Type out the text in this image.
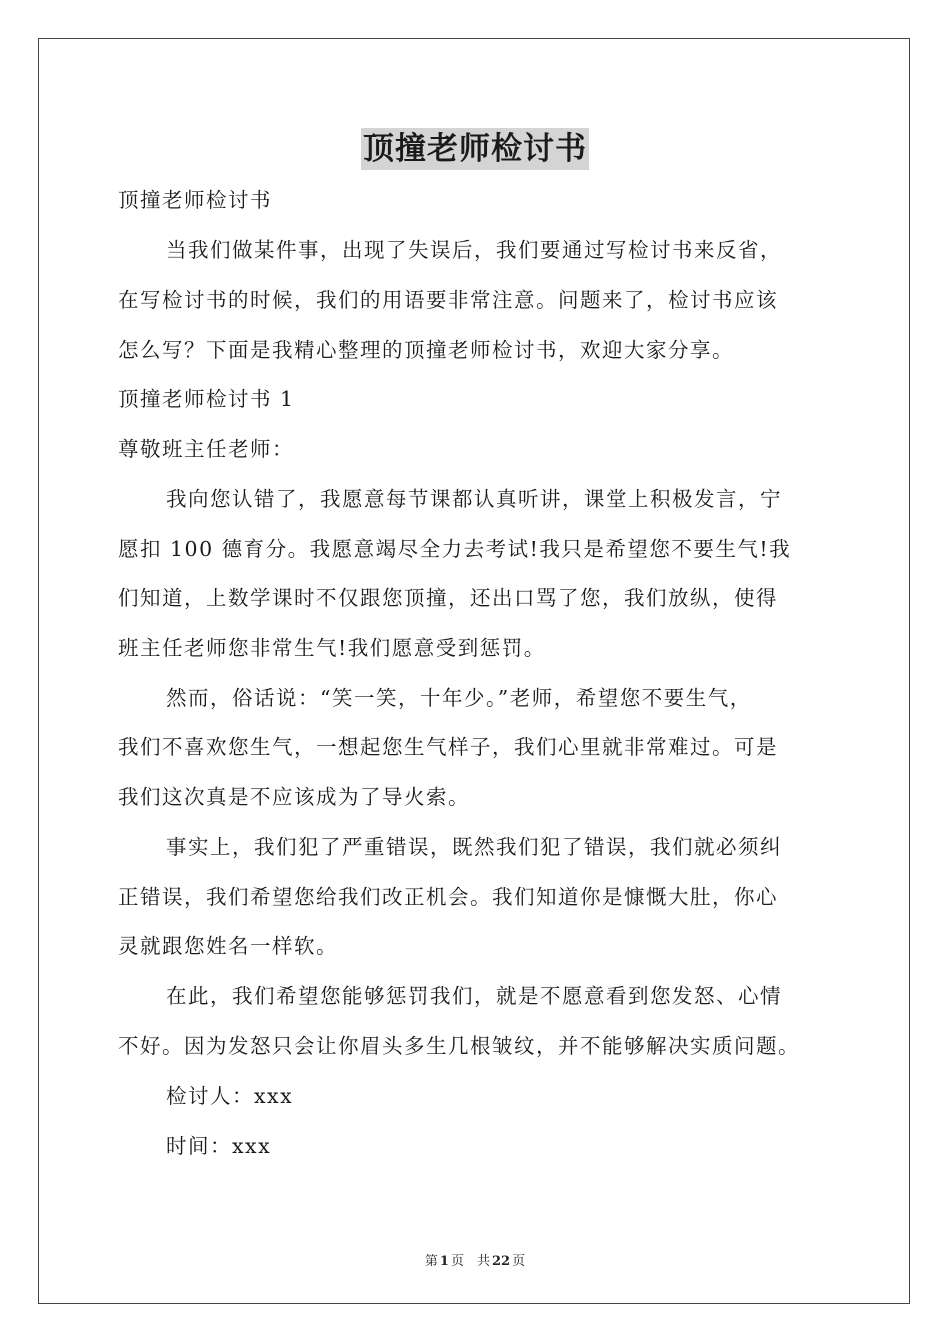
顶撞老师检讨书
顶撞老师检讨书
当我们做某件事，出现了失误后，我们要通过写检讨书来反省，
在写检讨书的时候，我们的用语要非常注意。问题来了，检讨书应该
怎么写？下面是我精心整理的顶撞老师检讨书，欢迎大家分享。
顶撞老师检讨书 1
尊敬班主任老师：
我向您认错了，我愿意每节课都认真听讲，课堂上积极发言，宁
愿扣 100 德育分。我愿意竭尽全力去考试!我只是希望您不要生气!我
们知道，上数学课时不仅跟您顶撞，还出口骂了您，我们放纵，使得
班主任老师您非常生气!我们愿意受到惩罚。
然而，俗话说：“笑一笑，十年少。”老师，希望您不要生气，
我们不喜欢您生气，一想起您生气样子，我们心里就非常难过。可是
我们这次真是不应该成为了导火索。
事实上，我们犯了严重错误，既然我们犯了错误，我们就必须纠
正错误，我们希望您给我们改正机会。我们知道你是慷慨大肚，你心
灵就跟您姓名一样软。
在此，我们希望您能够惩罚我们，就是不愿意看到您发怒、心情
不好。因为发怒只会让你眉头多生几根皱纹，并不能够解决实质问题。
检讨人：xxx
时间：xxx
第 1 页　共 22 页
